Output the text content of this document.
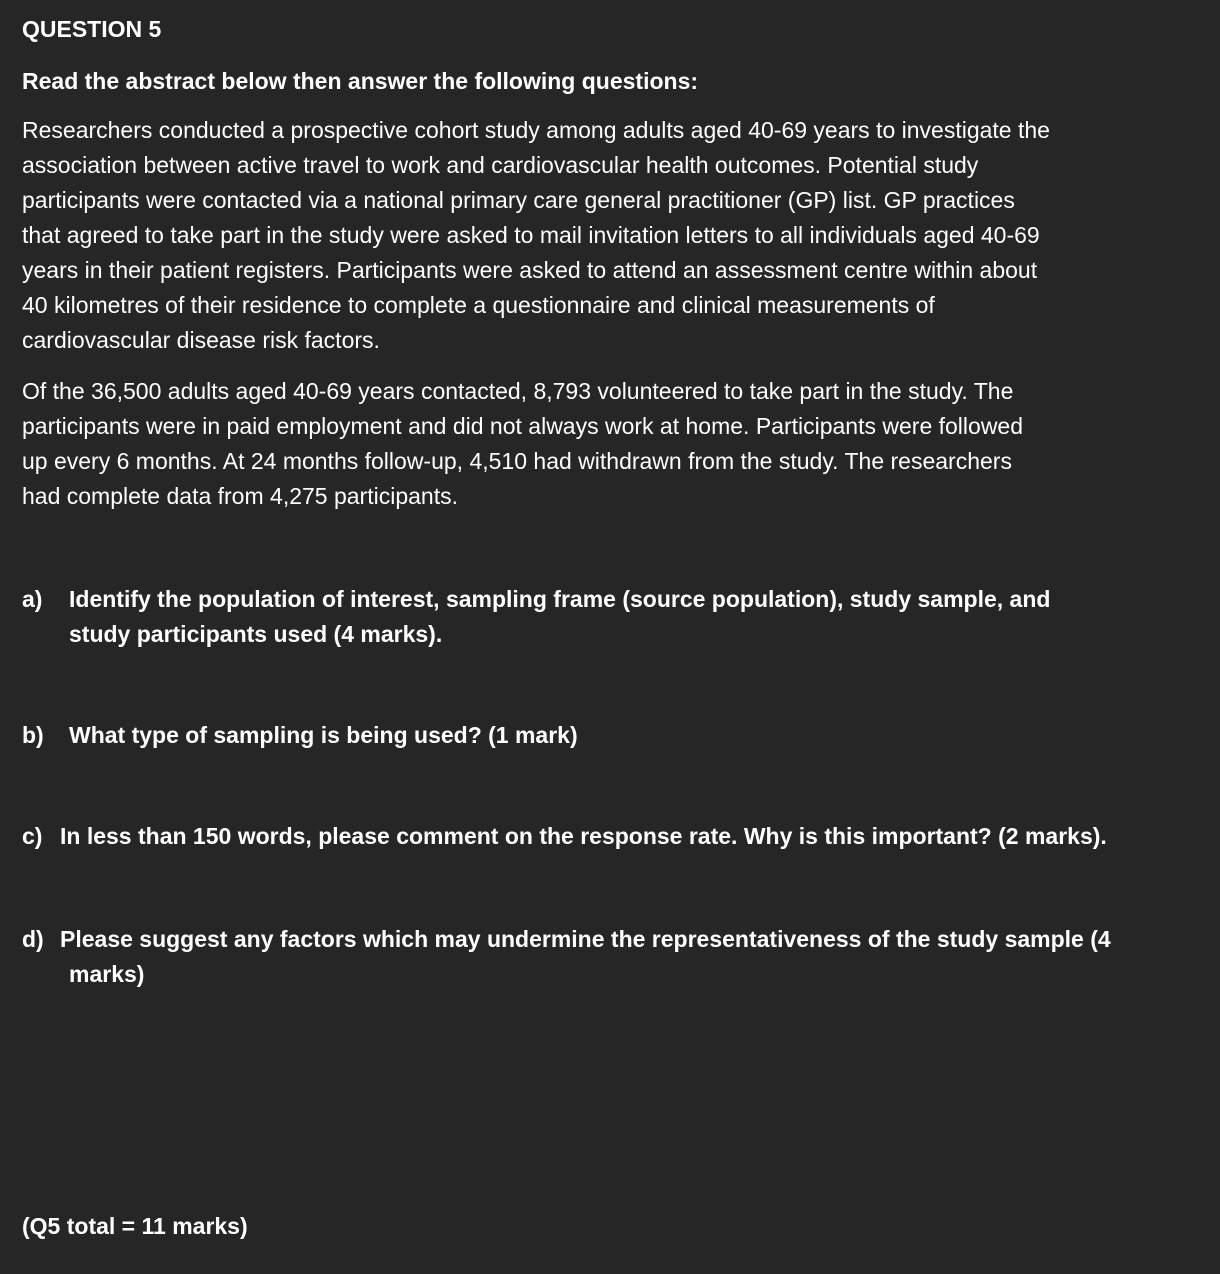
QUESTION 5
Read the abstract below then answer the following questions:
Researchers conducted a prospective cohort study among adults aged 40-69 years to investigate the
association between active travel to work and cardiovascular health outcomes. Potential study
participants were contacted via a national primary care general practitioner (GP) list. GP practices
that agreed to take part in the study were asked to mail invitation letters to all individuals aged 40-69
years in their patient registers. Participants were asked to attend an assessment centre within about
40 kilometres of their residence to complete a questionnaire and clinical measurements of
cardiovascular disease risk factors.
Of the 36,500 adults aged 40-69 years contacted, 8,793 volunteered to take part in the study. The
participants were in paid employment and did not always work at home. Participants were followed
up every 6 months. At 24 months follow-up, 4,510 had withdrawn from the study. The researchers
had complete data from 4,275 participants.
a) Identify the population of interest, sampling frame (source population), study sample, and
study participants used (4 marks).
b) What type of sampling is being used? (1 mark)
c) In less than 150 words, please comment on the response rate. Why is this important? (2 marks).
d) Please suggest any factors which may undermine the representativeness of the study sample (4
marks)
(Q5 total = 11 marks)
